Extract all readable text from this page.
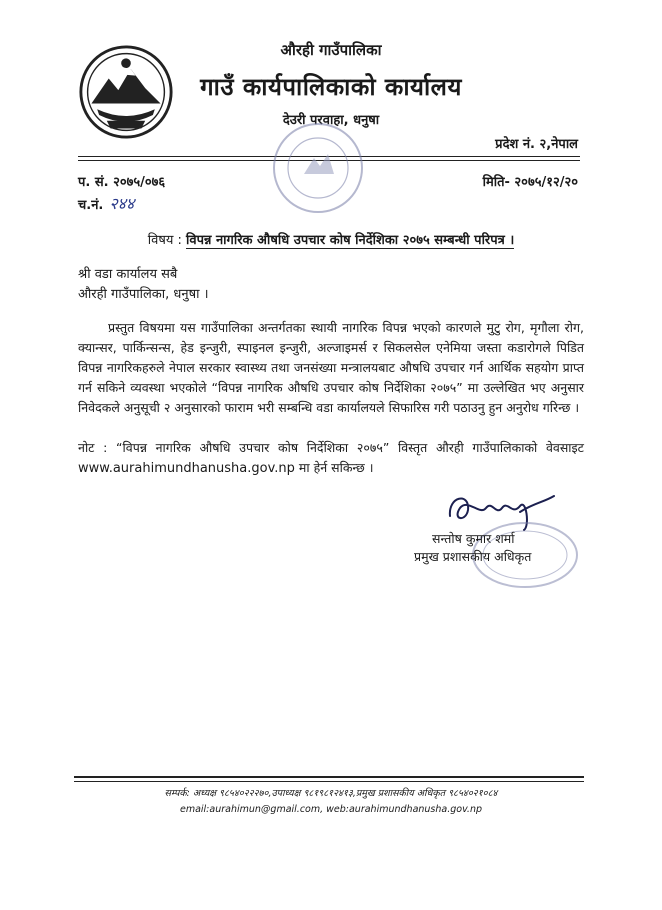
औरही गाउँपालिका
गाउँ कार्यपालिकाको कार्यालय
देउरी परवाहा, धनुषा
प्रदेश नं. २,नेपाल
प. सं. २०७५/०७६	मिति- २०७५/१२/२०
च.नं. २४४
विषय : विपन्न नागरिक औषधि उपचार कोष निर्देशिका २०७५ सम्बन्धी परिपत्र ।
श्री वडा कार्यालय सबै
औरही गाउँपालिका, धनुषा ।

प्रस्तुत विषयमा यस गाउँपालिका अन्तर्गतका स्थायी नागरिक विपन्न भएको कारणले मुटु रोग, मृगौला रोग, क्यान्सर, पार्किन्सन्स, हेड इन्जुरी, स्पाइनल इन्जुरी, अल्जाइमर्स र सिकलसेल एनेमिया जस्ता कडारोगले पिडित विपन्न नागरिकहरुले नेपाल सरकार स्वास्थ्य तथा जनसंख्या मन्त्रालयबाट औषधि उपचार गर्न आर्थिक सहयोग प्राप्त गर्न सकिने व्यवस्था भएकोले “विपन्न नागरिक औषधि उपचार कोष निर्देशिका २०७५” मा उल्लेखित भए अनुसार निवेदकले अनुसूची २ अनुसारको फाराम भरी सम्बन्धि वडा कार्यालयले सिफारिस गरी पठाउनु हुन अनुरोध गरिन्छ ।

नोट : “विपन्न नागरिक औषधि उपचार कोष निर्देशिका २०७५” विस्तृत औरही गाउँपालिकाको वेवसाइट www.aurahimundhanusha.gov.np मा हेर्न सकिन्छ ।

सन्तोष कुमार शर्मा
प्रमुख प्रशासकीय अधिकृत
सम्पर्क: अध्यक्ष ९८५४०२२२७०,उपाध्यक्ष ९८१९८१२४१३,प्रमुख प्रशासकीय अधिकृत ९८५४०२१०८४
email:aurahimun@gmail.com, web:aurahimundhanusha.gov.np
